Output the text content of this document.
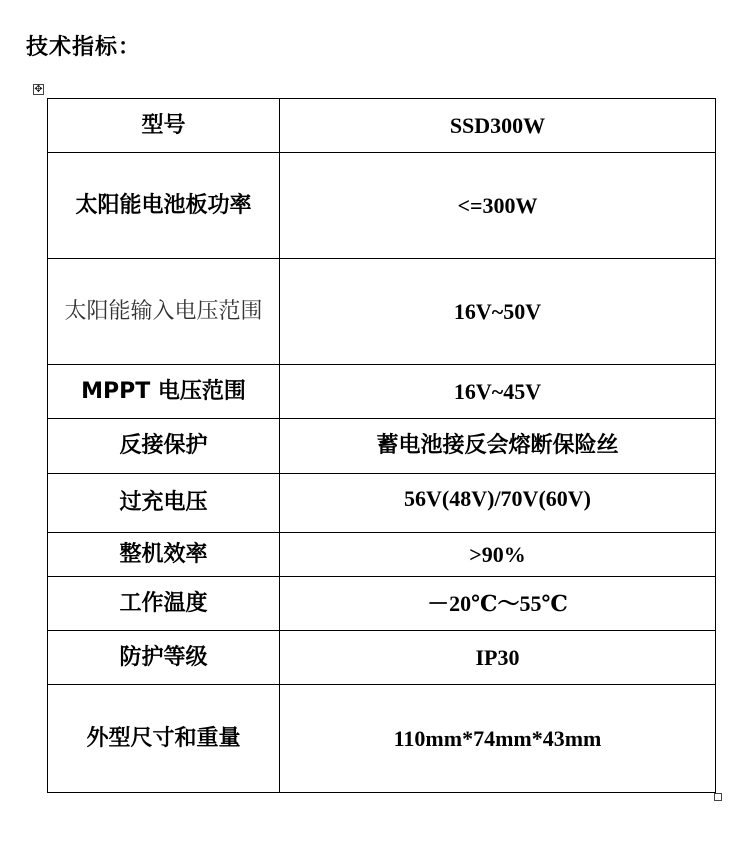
技术指标：
✥
型号	SSD300W
太阳能电池板功率	<=300W
太阳能输入电压范围	16V~50V
MPPT 电压范围	16V~45V
反接保护	蓄电池接反会熔断保险丝
过充电压	56V(48V)/70V(60V)
整机效率	>90%
工作温度	－20℃～55℃
防护等级	IP30
外型尺寸和重量	110mm*74mm*43mm
